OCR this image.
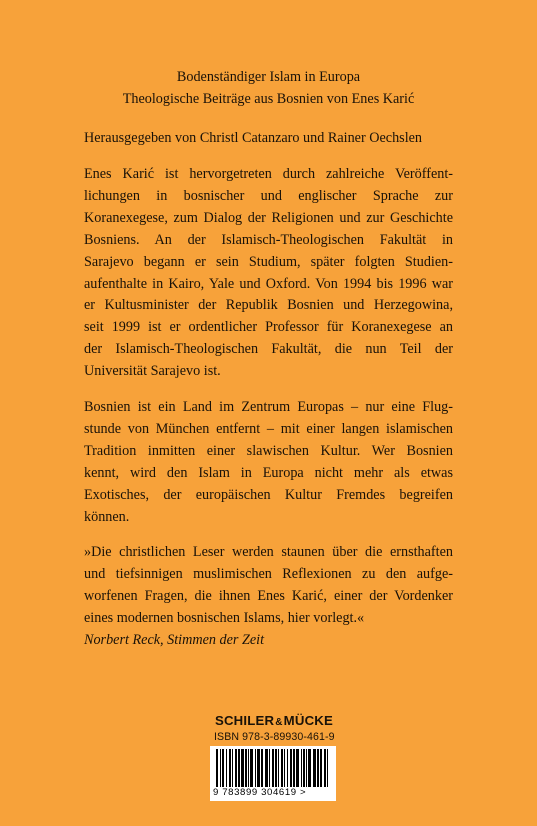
Bodenständiger Islam in Europa
Theologische Beiträge aus Bosnien von Enes Karić
Herausgegeben von Christl Catanzaro und Rainer Oechslen
Enes Karić ist hervorgetreten durch zahlreiche Veröffent-
lichungen in bosnischer und englischer Sprache zur
Koranexegese, zum Dialog der Religionen und zur Geschichte
Bosniens. An der Islamisch-Theologischen Fakultät in
Sarajevo begann er sein Studium, später folgten Studien-
aufenthalte in Kairo, Yale und Oxford. Von 1994 bis 1996 war
er Kultusminister der Republik Bosnien und Herzegowina,
seit 1999 ist er ordentlicher Professor für Koranexegese an
der Islamisch-Theologischen Fakultät, die nun Teil der
Universität Sarajevo ist.
Bosnien ist ein Land im Zentrum Europas – nur eine Flug-
stunde von München entfernt – mit einer langen islamischen
Tradition inmitten einer slawischen Kultur. Wer Bosnien
kennt, wird den Islam in Europa nicht mehr als etwas
Exotisches, der europäischen Kultur Fremdes begreifen
können.
»Die christlichen Leser werden staunen über die ernsthaften
und tiefsinnigen muslimischen Reflexionen zu den aufge-
worfenen Fragen, die ihnen Enes Karić, einer der Vordenker
eines modernen bosnischen Islams, hier vorlegt.«
Norbert Reck, Stimmen der Zeit
SCHILER&MÜCKE
ISBN 978-3-89930-461-9
9 783899 304619 >
